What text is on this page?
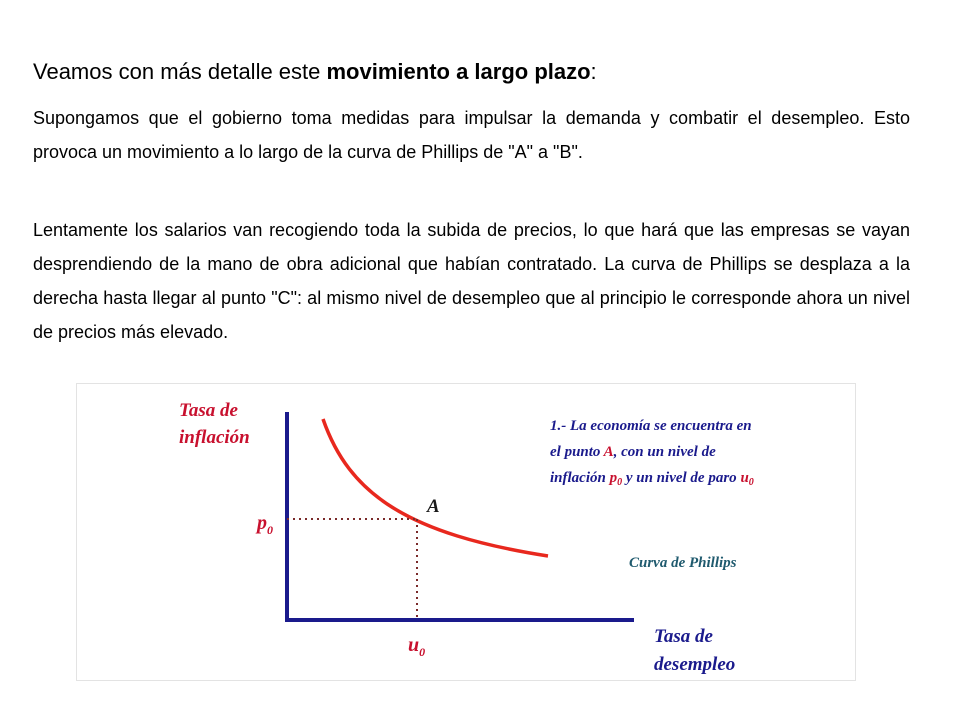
Veamos con más detalle este movimiento a largo plazo:

Supongamos que el gobierno toma medidas para impulsar la demanda y combatir el desempleo. Esto provoca un movimiento a lo largo de la curva de Phillips de "A" a "B".

Lentamente los salarios van recogiendo toda la subida de precios, lo que hará que las empresas se vayan desprendiendo de la mano de obra adicional que habían contratado. La curva de Phillips se desplaza a la derecha hasta llegar al punto "C": al mismo nivel de desempleo que al principio le corresponde ahora un nivel de precios más elevado.

Tasa de
inflación
A
$p_0$
$u_0$
Tasa de
desempleo
Curva de Phillips
1.- La economía se encuentra en
el punto A, con un nivel de
inflación $p_0$ y un nivel de paro $u_0$
